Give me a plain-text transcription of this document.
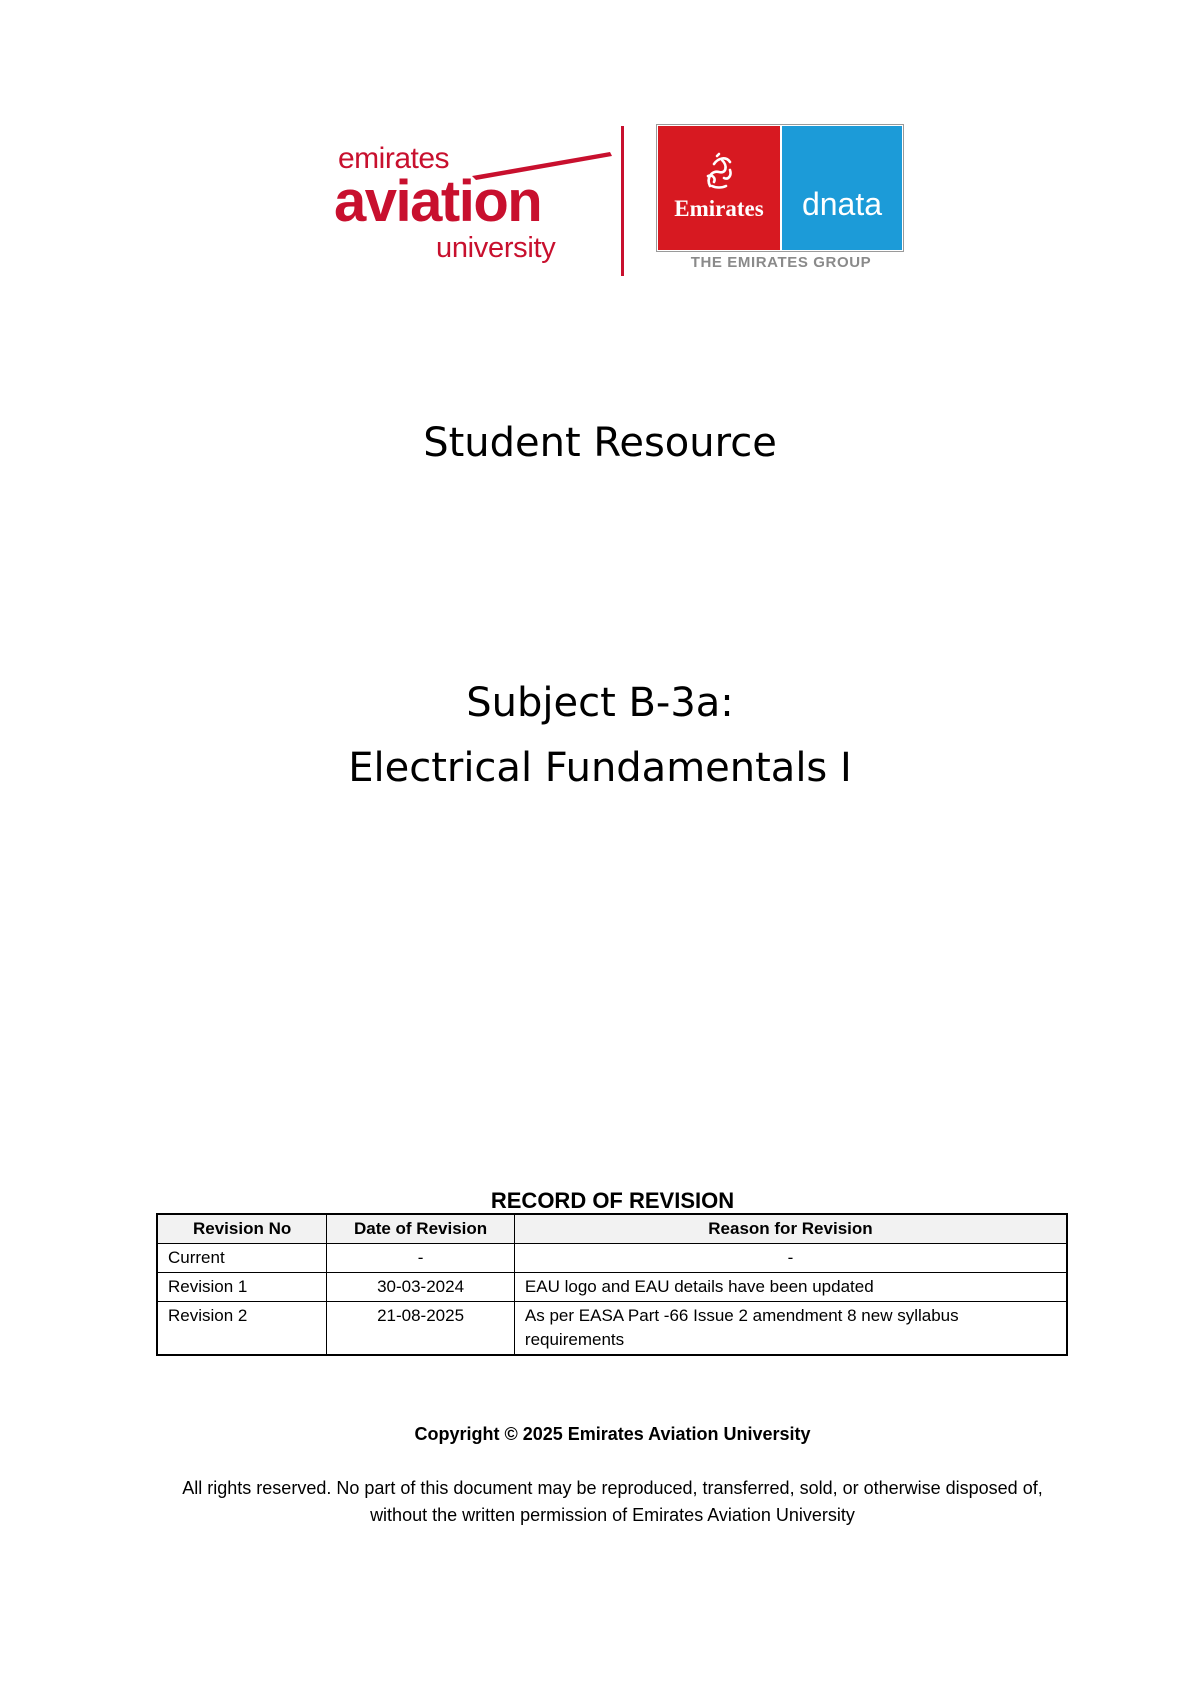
emirates
aviation
university
Emirates	dnata
THE EMIRATES GROUP
Student Resource
Subject B-3a:
Electrical Fundamentals I
RECORD OF REVISION
Revision No	Date of Revision	Reason for Revision
Current	-	-
Revision 1	30-03-2024	EAU logo and EAU details have been updated
Revision 2	21-08-2025	As per EASA Part -66 Issue 2 amendment 8 new syllabus requirements
Copyright © 2025 Emirates Aviation University
All rights reserved. No part of this document may be reproduced, transferred, sold, or otherwise disposed of,
without the written permission of Emirates Aviation University
